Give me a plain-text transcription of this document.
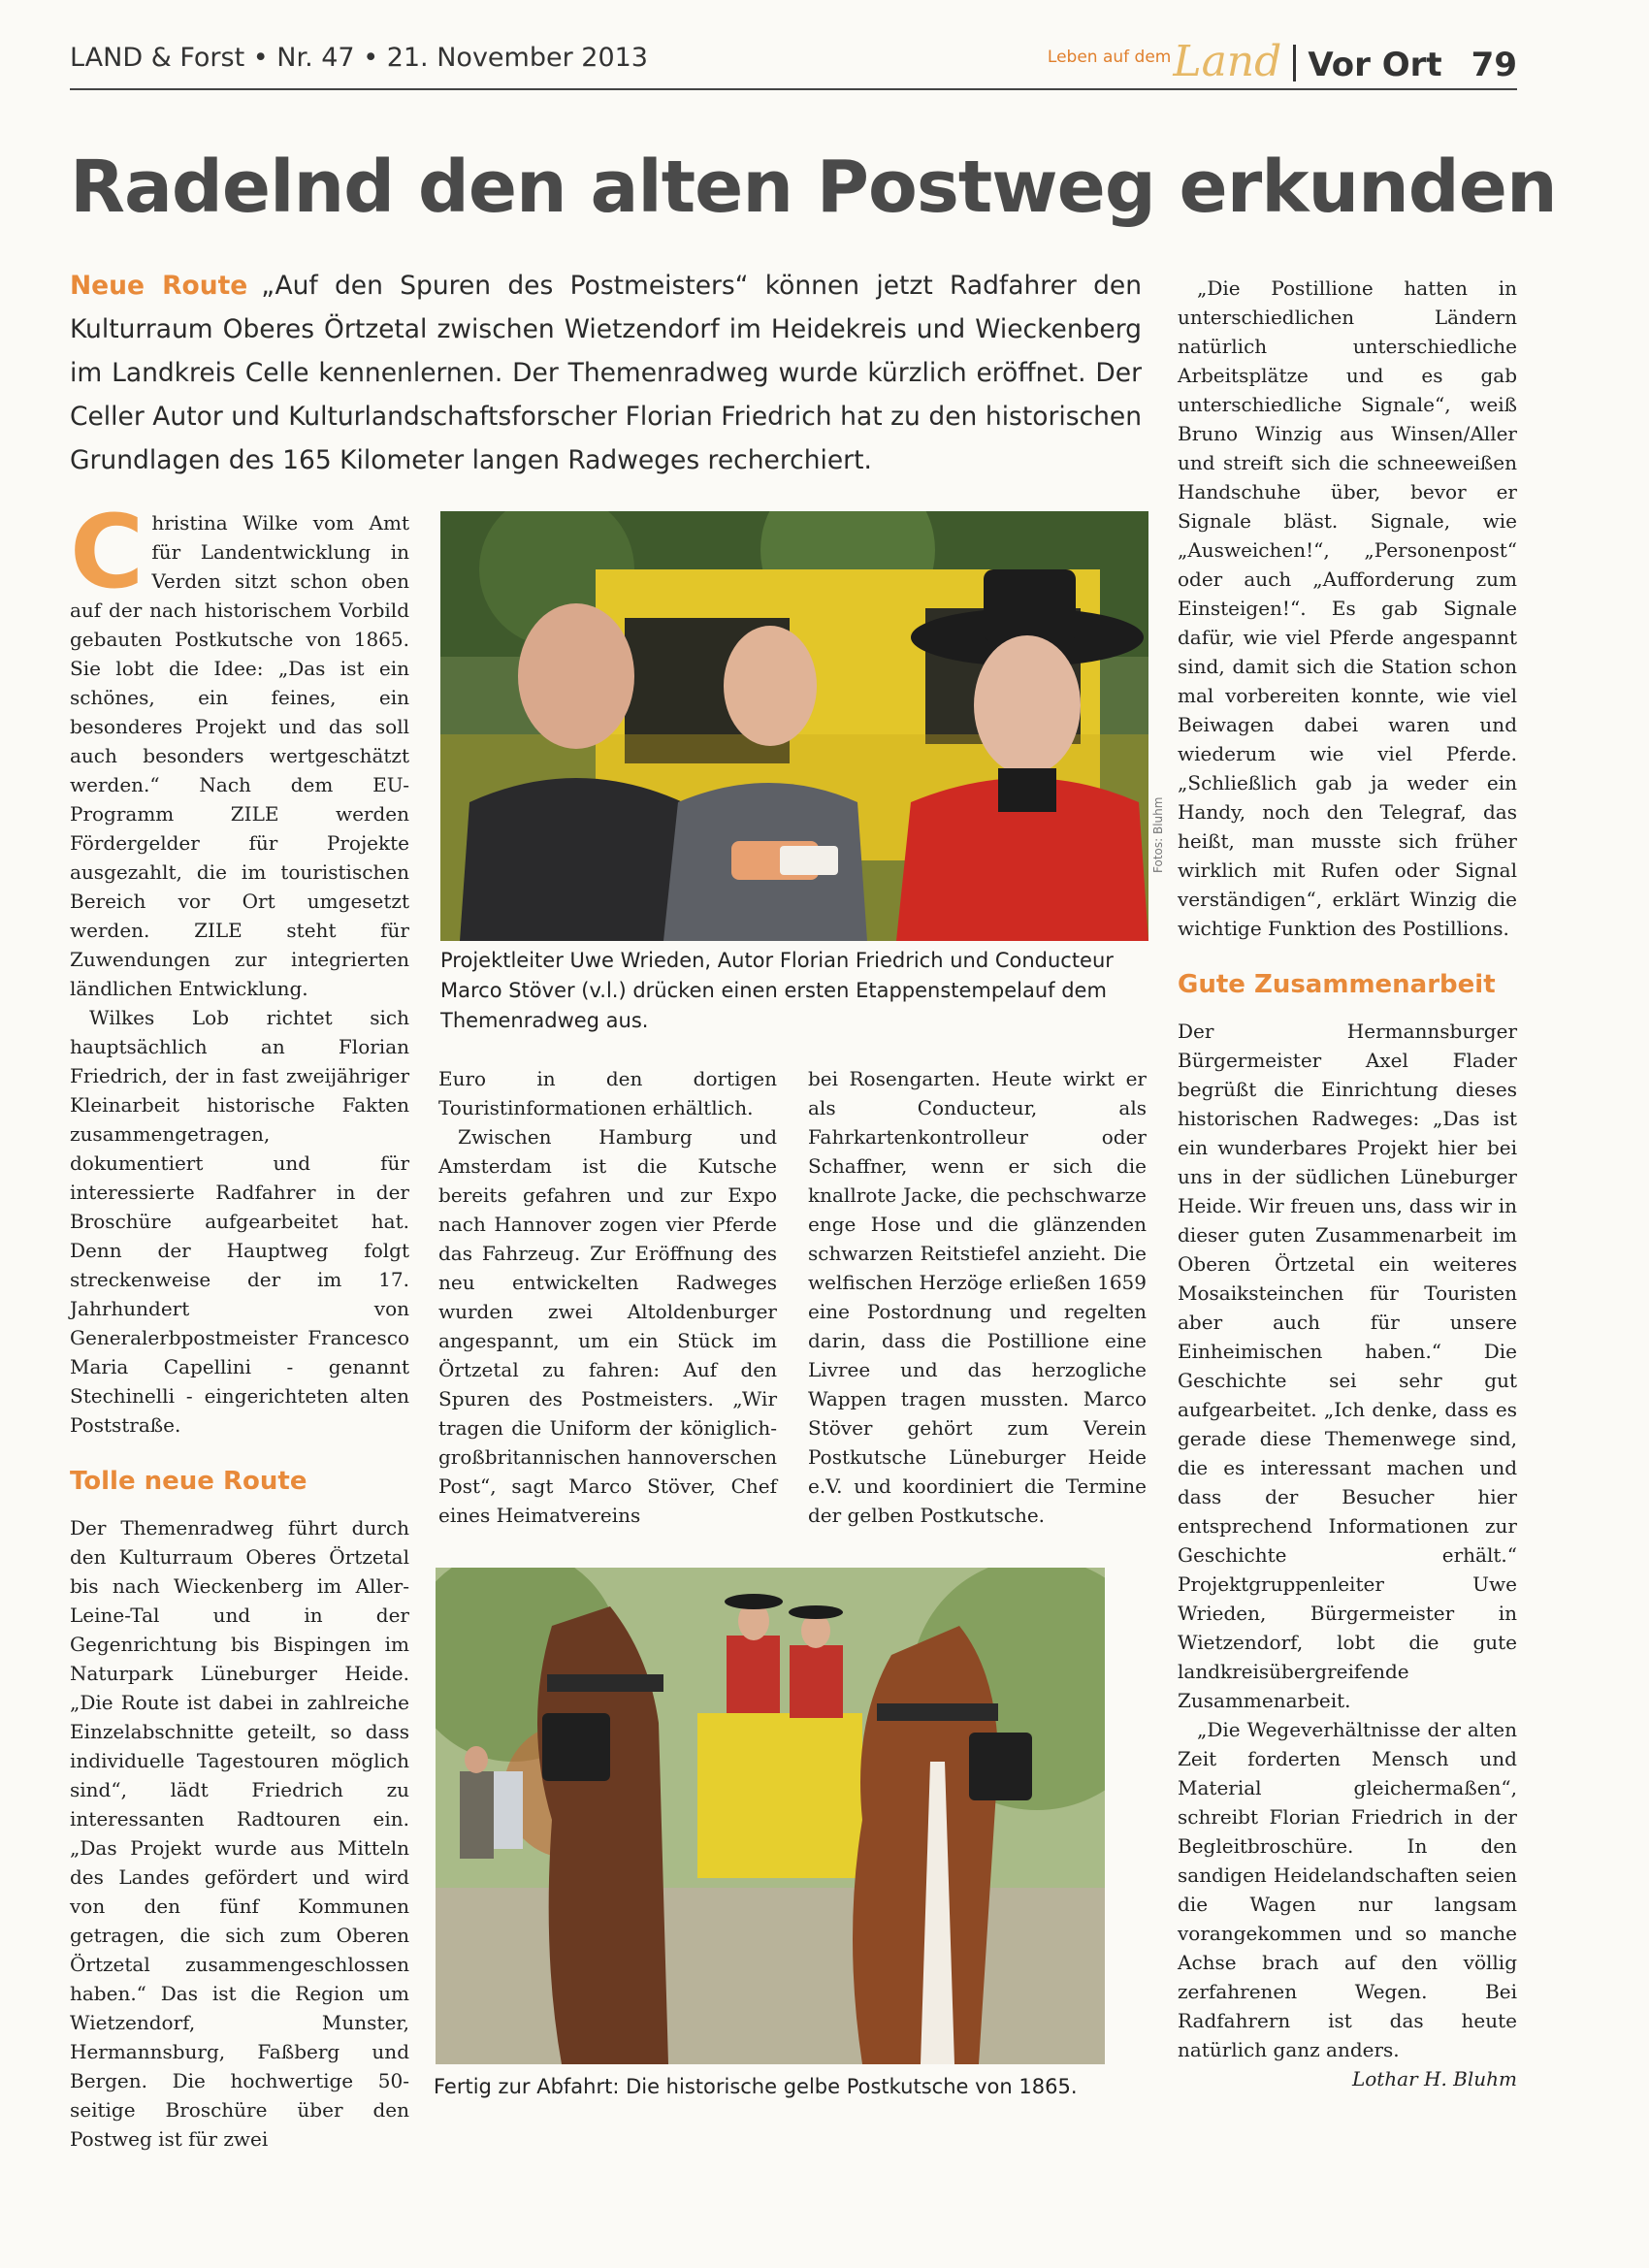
LAND & Forst • Nr. 47 • 21. November 2013	Leben auf dem Land Vor Ort 79
Radelnd den alten Postweg erkunden
Neue Route „Auf den Spuren des Postmeisters“ können jetzt Radfahrer den Kulturraum Oberes Örtzetal zwischen Wietzendorf im Heidekreis und Wieckenberg im Landkreis Celle kennenlernen. Der Themenradweg wurde kürzlich eröffnet. Der Celler Autor und Kulturlandschaftsforscher Florian Friedrich hat zu den historischen Grundlagen des 165 Kilometer langen Radweges recherchiert.

Christina Wilke vom Amt für Landentwicklung in Verden sitzt schon oben auf der nach historischem Vorbild gebauten Postkutsche von 1865. Sie lobt die Idee: „Das ist ein schönes, ein feines, ein besonderes Projekt und das soll auch besonders wertgeschätzt werden.“ Nach dem EU-Programm ZILE werden Fördergelder für Projekte ausgezahlt, die im touristischen Bereich vor Ort umgesetzt werden. ZILE steht für Zuwendungen zur integrierten ländlichen Entwicklung.

Wilkes Lob richtet sich hauptsächlich an Florian Friedrich, der in fast zweijähriger Kleinarbeit historische Fakten zusammengetragen, dokumentiert und für interessierte Radfahrer in der Broschüre aufgearbeitet hat. Denn der Hauptweg folgt streckenweise der im 17. Jahrhundert von Generalerbpostmeister Francesco Maria Capellini - genannt Stechinelli - eingerichteten alten Poststraße.

Tolle neue Route

Der Themenradweg führt durch den Kulturraum Oberes Örtzetal bis nach Wieckenberg im Aller-Leine-Tal und in der Gegenrichtung bis Bispingen im Naturpark Lüneburger Heide. „Die Route ist dabei in zahlreiche Einzelabschnitte geteilt, so dass individuelle Tagestouren möglich sind“, lädt Friedrich zu interessanten Radtouren ein. „Das Projekt wurde aus Mitteln des Landes gefördert und wird von den fünf Kommunen getragen, die sich zum Oberen Örtzetal zusammengeschlossen haben.“ Das ist die Region um Wietzendorf, Munster, Hermannsburg, Faßberg und Bergen. Die hochwertige 50-seitige Broschüre über den Postweg ist für zwei

Fotos: Bluhm
Projektleiter Uwe Wrieden, Autor Florian Friedrich und Conducteur Marco Stöver (v.l.) drücken einen ersten Etappenstempelauf dem Themenradweg aus.

Euro in den dortigen Touristinformationen erhältlich.

Zwischen Hamburg und Amsterdam ist die Kutsche bereits gefahren und zur Expo nach Hannover zogen vier Pferde das Fahrzeug. Zur Eröffnung des neu entwickelten Radweges wurden zwei Altoldenburger angespannt, um ein Stück im Örtzetal zu fahren: Auf den Spuren des Postmeisters. „Wir tragen die Uniform der königlich-großbritannischen hannoverschen Post“, sagt Marco Stöver, Chef eines Heimatvereins

bei Rosengarten. Heute wirkt er als Conducteur, als Fahrkartenkontrolleur oder Schaffner, wenn er sich die knallrote Jacke, die pechschwarze enge Hose und die glänzenden schwarzen Reitstiefel anzieht. Die welfischen Herzöge erließen 1659 eine Postordnung und regelten darin, dass die Postillione eine Livree und das herzogliche Wappen tragen mussten. Marco Stöver gehört zum Verein Postkutsche Lüneburger Heide e.V. und koordiniert die Termine der gelben Postkutsche.

Fertig zur Abfahrt: Die historische gelbe Postkutsche von 1865.

„Die Postillione hatten in unterschiedlichen Ländern natürlich unterschiedliche Arbeitsplätze und es gab unterschiedliche Signale“, weiß Bruno Winzig aus Winsen/Aller und streift sich die schneeweißen Handschuhe über, bevor er Signale bläst. Signale, wie „Ausweichen!“, „Personenpost“ oder auch „Aufforderung zum Einsteigen!“. Es gab Signale dafür, wie viel Pferde angespannt sind, damit sich die Station schon mal vorbereiten konnte, wie viel Beiwagen dabei waren und wiederum wie viel Pferde. „Schließlich gab ja weder ein Handy, noch den Telegraf, das heißt, man musste sich früher wirklich mit Rufen oder Signal verständigen“, erklärt Winzig die wichtige Funktion des Postillions.

Gute Zusammenarbeit

Der Hermannsburger Bürgermeister Axel Flader begrüßt die Einrichtung dieses historischen Radweges: „Das ist ein wunderbares Projekt hier bei uns in der südlichen Lüneburger Heide. Wir freuen uns, dass wir in dieser guten Zusammenarbeit im Oberen Örtzetal ein weiteres Mosaiksteinchen für Touristen aber auch für unsere Einheimischen haben.“ Die Geschichte sei sehr gut aufgearbeitet. „Ich denke, dass es gerade diese Themenwege sind, die es interessant machen und dass der Besucher hier entsprechend Informationen zur Geschichte erhält.“ Projektgruppenleiter Uwe Wrieden, Bürgermeister in Wietzendorf, lobt die gute landkreisübergreifende Zusammenarbeit.

„Die Wegeverhältnisse der alten Zeit forderten Mensch und Material gleichermaßen“, schreibt Florian Friedrich in der Begleitbroschüre. In den sandigen Heidelandschaften seien die Wagen nur langsam vorangekommen und so manche Achse brach auf den völlig zerfahrenen Wegen. Bei Radfahrern ist das heute natürlich ganz anders.

Lothar H. Bluhm
